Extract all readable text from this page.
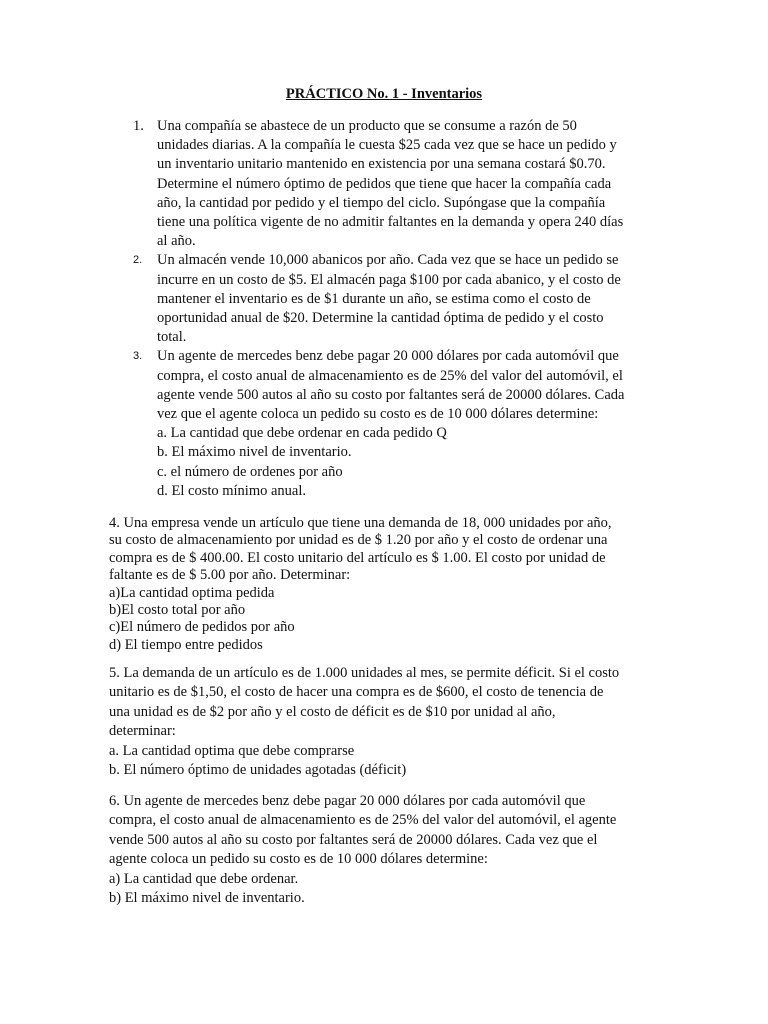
PRÁCTICO No. 1 - Inventarios
1. Una compañía se abastece de un producto que se consume a razón de 50
unidades diarias. A la compañía le cuesta $25 cada vez que se hace un pedido y
un inventario unitario mantenido en existencia por una semana costará $0.70.
Determine el número óptimo de pedidos que tiene que hacer la compañía cada
año, la cantidad por pedido y el tiempo del ciclo. Supóngase que la compañía
tiene una política vigente de no admitir faltantes en la demanda y opera 240 días
al año.
2.	Un almacén vende 10,000 abanicos por año. Cada vez que se hace un pedido se
incurre en un costo de $5. El almacén paga $100 por cada abanico, y el costo de
mantener el inventario es de $1 durante un año, se estima como el costo de
oportunidad anual de $20. Determine la cantidad óptima de pedido y el costo
total.
3.	Un agente de mercedes benz debe pagar 20 000 dólares por cada automóvil que
compra, el costo anual de almacenamiento es de 25% del valor del automóvil, el
agente vende 500 autos al año su costo por faltantes será de 20000 dólares. Cada
vez que el agente coloca un pedido su costo es de 10 000 dólares determine:
a. La cantidad que debe ordenar en cada pedido Q
b. El máximo nivel de inventario.
c. el número de ordenes por año
d. El costo mínimo anual.
4. Una empresa vende un artículo que tiene una demanda de 18, 000 unidades por año,
su costo de almacenamiento por unidad es de $ 1.20 por año y el costo de ordenar una
compra es de $ 400.00. El costo unitario del artículo es $ 1.00. El costo por unidad de
faltante es de $ 5.00 por año. Determinar:
a)La cantidad optima pedida
b)El costo total por año
c)El número de pedidos por año
d) El tiempo entre pedidos
5. La demanda de un artículo es de 1.000 unidades al mes, se permite déficit. Si el costo
unitario es de $1,50, el costo de hacer una compra es de $600, el costo de tenencia de
una unidad es de $2 por año y el costo de déficit es de $10 por unidad al año,
determinar:
a. La cantidad optima que debe comprarse
b. El número óptimo de unidades agotadas (déficit)
6. Un agente de mercedes benz debe pagar 20 000 dólares por cada automóvil que
compra, el costo anual de almacenamiento es de 25% del valor del automóvil, el agente
vende 500 autos al año su costo por faltantes será de 20000 dólares. Cada vez que el
agente coloca un pedido su costo es de 10 000 dólares determine:
a) La cantidad que debe ordenar.
b) El máximo nivel de inventario.
